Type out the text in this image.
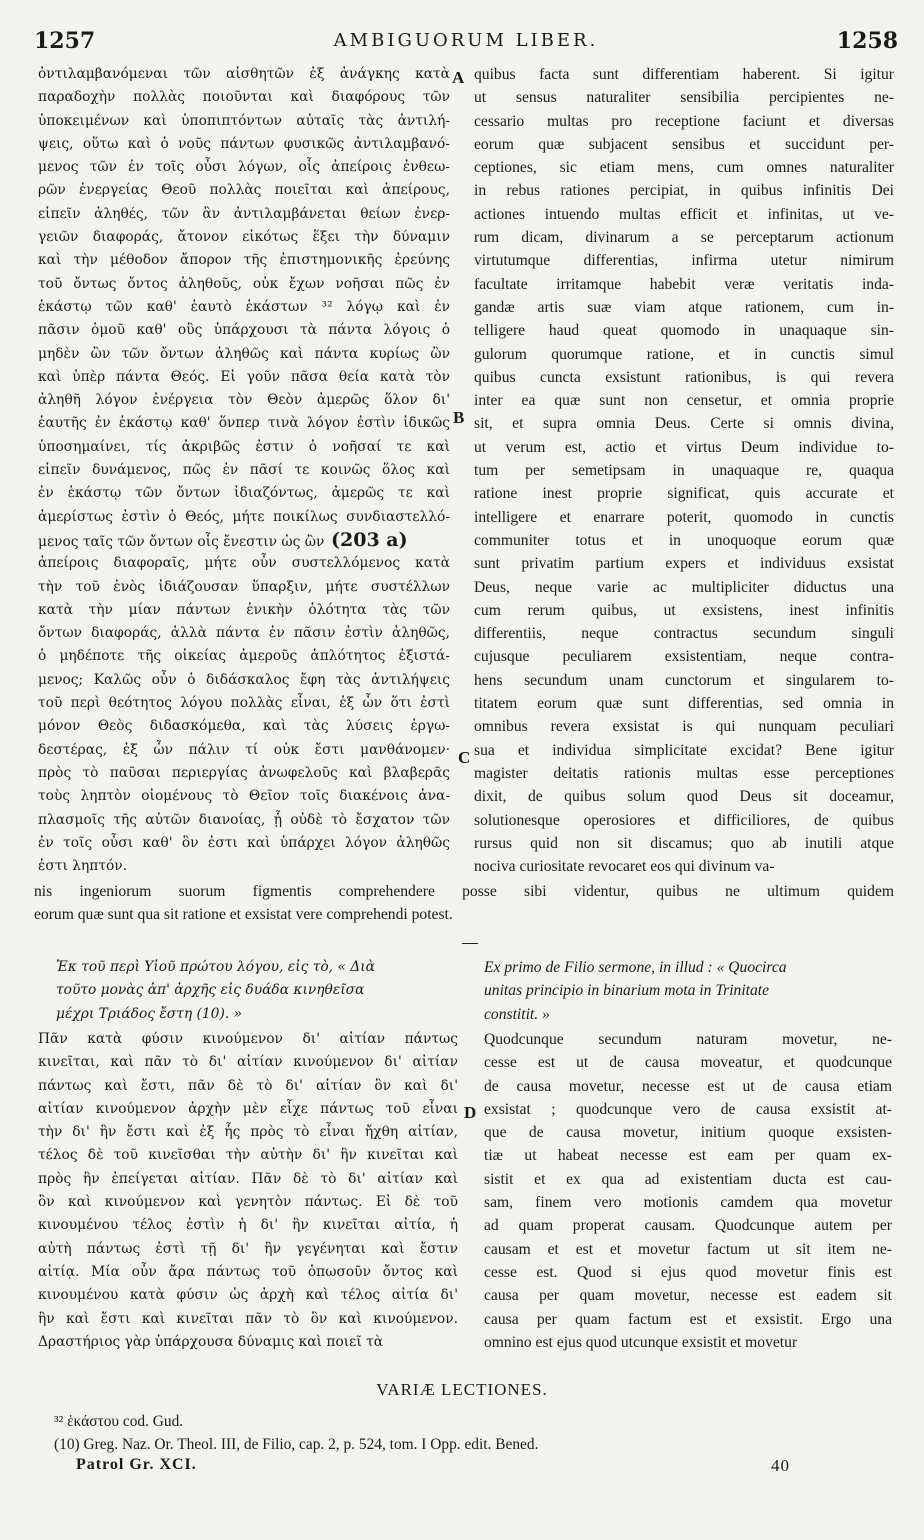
1257	AMBIGUORUM LIBER.	1258
A
B
C
D
ὀντιλαμβανόμεναι τῶν αἰσθητῶν ἐξ ἀνάγκης κατὰ
παραδοχὴν πολλὰς ποιοῦνται καὶ διαφόρους τῶν
ὑποκειμένων καὶ ὑποπιπτόντων αὐταῖς τὰς ἀντιλή-
ψεις, οὕτω καὶ ὁ νοῦς πάντων φυσικῶς ἀντιλαμβανό-
μενος τῶν ἐν τοῖς οὖσι λόγων, οἷς ἀπείροις ἐνθεω-
ρῶν ἐνεργείας Θεοῦ πολλὰς ποιεῖται καὶ ἀπείρους,
εἰπεῖν ἀληθές, τῶν ἂν ἀντιλαμβάνεται θείων ἐνερ-
γειῶν διαφοράς, ἄτονον εἰκότως ἕξει τὴν δύναμιν
καὶ τὴν μέθοδον ἄπορον τῆς ἐπιστημονικῆς ἐρεύνης
τοῦ ὄντως ὄντος ἀληθοῦς, οὐκ ἔχων νοῆσαι πῶς ἐν
ἑκάστῳ τῶν καθ' ἑαυτὸ ἑκάστων ³² λόγῳ καὶ ἐν
πᾶσιν ὁμοῦ καθ' οὓς ὑπάρχουσι τὰ πάντα λόγοις ὁ
μηδὲν ὢν τῶν ὄντων ἀληθῶς καὶ πάντα κυρίως ὢν
καὶ ὑπὲρ πάντα Θεός. Εἰ γοῦν πᾶσα θεία κατὰ τὸν
ἀληθῆ λόγον ἐνέργεια τὸν Θεὸν ἀμερῶς ὅλον δι'
ἑαυτῆς ἐν ἑκάστῳ καθ' ὅνπερ τινὰ λόγον ἐστὶν ἰδικῶς
ὑποσημαίνει, τίς ἀκριβῶς ἐστιν ὁ νοῆσαί τε καὶ
εἰπεῖν δυνάμενος, πῶς ἐν πᾶσί τε κοινῶς ὅλος καὶ
ἐν ἑκάστῳ τῶν ὄντων ἰδιαζόντως, ἀμερῶς τε καὶ
ἀμερίστως ἐστὶν ὁ Θεός, μήτε ποικίλως συνδιαστελλό-
μενος ταῖς τῶν ὄντων οἷς ἔνεστιν ὡς ὢν (203 a)
ἀπείροις διαφοραῖς, μήτε οὖν συστελλόμενος κατὰ
τὴν τοῦ ἑνὸς ἰδιάζουσαν ὕπαρξιν, μήτε συστέλλων
κατὰ τὴν μίαν πάντων ἑνικὴν ὁλότητα τὰς τῶν
ὄντων διαφοράς, ἀλλὰ πάντα ἐν πᾶσιν ἐστὶν ἀληθῶς,
ὁ μηδέποτε τῆς οἰκείας ἀμεροῦς ἁπλότητος ἐξιστά-
μενος; Καλῶς οὖν ὁ διδάσκαλος ἔφη τὰς ἀντιλήψεις
τοῦ περὶ θεότητος λόγου πολλὰς εἶναι, ἐξ ὧν ὅτι ἐστὶ
μόνον Θεὸς διδασκόμεθα, καὶ τὰς λύσεις ἐργω-
δεστέρας, ἐξ ὧν πάλιν τί οὐκ ἔστι μανθάνομεν·
πρὸς τὸ παῦσαι περιεργίας ἀνωφελοῦς καὶ βλαβερᾶς
τοὺς ληπτὸν οἰομένους τὸ Θεῖον τοῖς διακένοις ἀνα-
πλασμοῖς τῆς αὐτῶν διανοίας, ᾗ οὐδὲ τὸ ἔσχατον τῶν
ἐν τοῖς οὖσι καθ' ὃν ἐστι καὶ ὑπάρχει λόγον ἀληθῶς
ἐστι ληπτόν.
quibus facta sunt differentiam haberent. Si igitur
ut sensus naturaliter sensibilia percipientes ne-
cessario multas pro receptione faciunt et diversas
eorum quæ subjacent sensibus et succidunt per-
ceptiones, sic etiam mens, cum omnes naturaliter
in rebus rationes percipiat, in quibus infinitis Dei
actiones intuendo multas efficit et infinitas, ut ve-
rum dicam, divinarum a se perceptarum actionum
virtutumque differentias, infirma utetur nimirum
facultate irritamque habebit veræ veritatis inda-
gandæ artis suæ viam atque rationem, cum in-
telligere haud queat quomodo in unaquaque sin-
gulorum quorumque ratione, et in cunctis simul
quibus cuncta exsistunt rationibus, is qui revera
inter ea quæ sunt non censetur, et omnia proprie
sit, et supra omnia Deus. Certe si omnis divina,
ut verum est, actio et virtus Deum individue to-
tum per semetipsam in unaquaque re, quaqua
ratione inest proprie significat, quis accurate et
intelligere et enarrare poterit, quomodo in cunctis
communiter totus et in unoquoque eorum quæ
sunt privatim partium expers et individuus exsistat
Deus, neque varie ac multipliciter diductus una
cum rerum quibus, ut exsistens, inest infinitis
differentiis, neque contractus secundum singuli
cujusque peculiarem exsistentiam, neque contra-
hens secundum unam cunctorum et singularem to-
titatem eorum quæ sunt differentias, sed omnia in
omnibus revera exsistat is qui nunquam peculiari
sua et individua simplicitate excidat? Bene igitur
magister deitatis rationis multas esse perceptiones
dixit, de quibus solum quod Deus sit doceamur,
solutionesque operosiores et difficiliores, de quibus
rursus quid non sit discamus; quo ab inutili atque
nociva curiositate revocaret eos qui divinum va-
nis ingeniorum suorum figmentis comprehendere posse sibi videntur, quibus ne ultimum quidem
eorum quæ sunt qua sit ratione et exsistat vere comprehendi potest.
Ἐκ τοῦ περὶ Υἱοῦ πρώτου λόγου, εἰς τὸ, « Διὰ
τοῦτο μονὰς ἀπ' ἀρχῆς εἰς δυάδα κινηθεῖσα
μέχρι Τριάδος ἔστη (10). »
Πᾶν κατὰ φύσιν κινούμενον δι' αἰτίαν πάντως
κινεῖται, καὶ πᾶν τὸ δι' αἰτίαν κινούμενον δι' αἰτίαν
πάντως καὶ ἔστι, πᾶν δὲ τὸ δι' αἰτίαν ὂν καὶ δι'
αἰτίαν κινούμενον ἀρχὴν μὲν εἶχε πάντως τοῦ εἶναι
τὴν δι' ἣν ἔστι καὶ ἐξ ἧς πρὸς τὸ εἶναι ἤχθη αἰτίαν,
τέλος δὲ τοῦ κινεῖσθαι τὴν αὐτὴν δι' ἣν κινεῖται καὶ
πρὸς ἣν ἐπείγεται αἰτίαν. Πᾶν δὲ τὸ δι' αἰτίαν καὶ
ὂν καὶ κινούμενον καὶ γενητὸν πάντως. Εἰ δὲ τοῦ
κινουμένου τέλος ἐστὶν ἡ δι' ἣν κινεῖται αἰτία, ἡ
αὐτὴ πάντως ἐστὶ τῇ δι' ἣν γεγένηται καὶ ἔστιν
αἰτίᾳ. Μία οὖν ἄρα πάντως τοῦ ὁπωσοῦν ὄντος καὶ
κινουμένου κατὰ φύσιν ὡς ἀρχὴ καὶ τέλος αἰτία δι'
ἣν καὶ ἔστι καὶ κινεῖται πᾶν τὸ ὂν καὶ κινούμενον.
Δραστήριος γὰρ ὑπάρχουσα δύναμις καὶ ποιεῖ τὰ
Ex primo de Filio sermone, in illud : « Quocirca
unitas principio in binarium mota in Trinitate
constitit. »
Quodcunque secundum naturam movetur, ne-
cesse est ut de causa moveatur, et quodcunque
de causa movetur, necesse est ut de causa etiam
exsistat ; quodcunque vero de causa exsistit at-
que de causa movetur, initium quoque exsisten-
tiæ ut habeat necesse est eam per quam ex-
sistit et ex qua ad existentiam ducta est cau-
sam, finem vero motionis camdem qua movetur
ad quam properat causam. Quodcunque autem per
causam et est et movetur factum ut sit item ne-
cesse est. Quod si ejus quod movetur finis est
causa per quam movetur, necesse est eadem sit
causa per quam factum est et exsistit. Ergo una
omnino est ejus quod utcunque exsistit et movetur
VARIÆ LECTIONES.
³² ἑκάστου cod. Gud.
(10) Greg. Naz. Or. Theol. III, de Filio, cap. 2, p. 524, tom. I Opp. edit. Bened.
Patrol Gr. XCI.	40
